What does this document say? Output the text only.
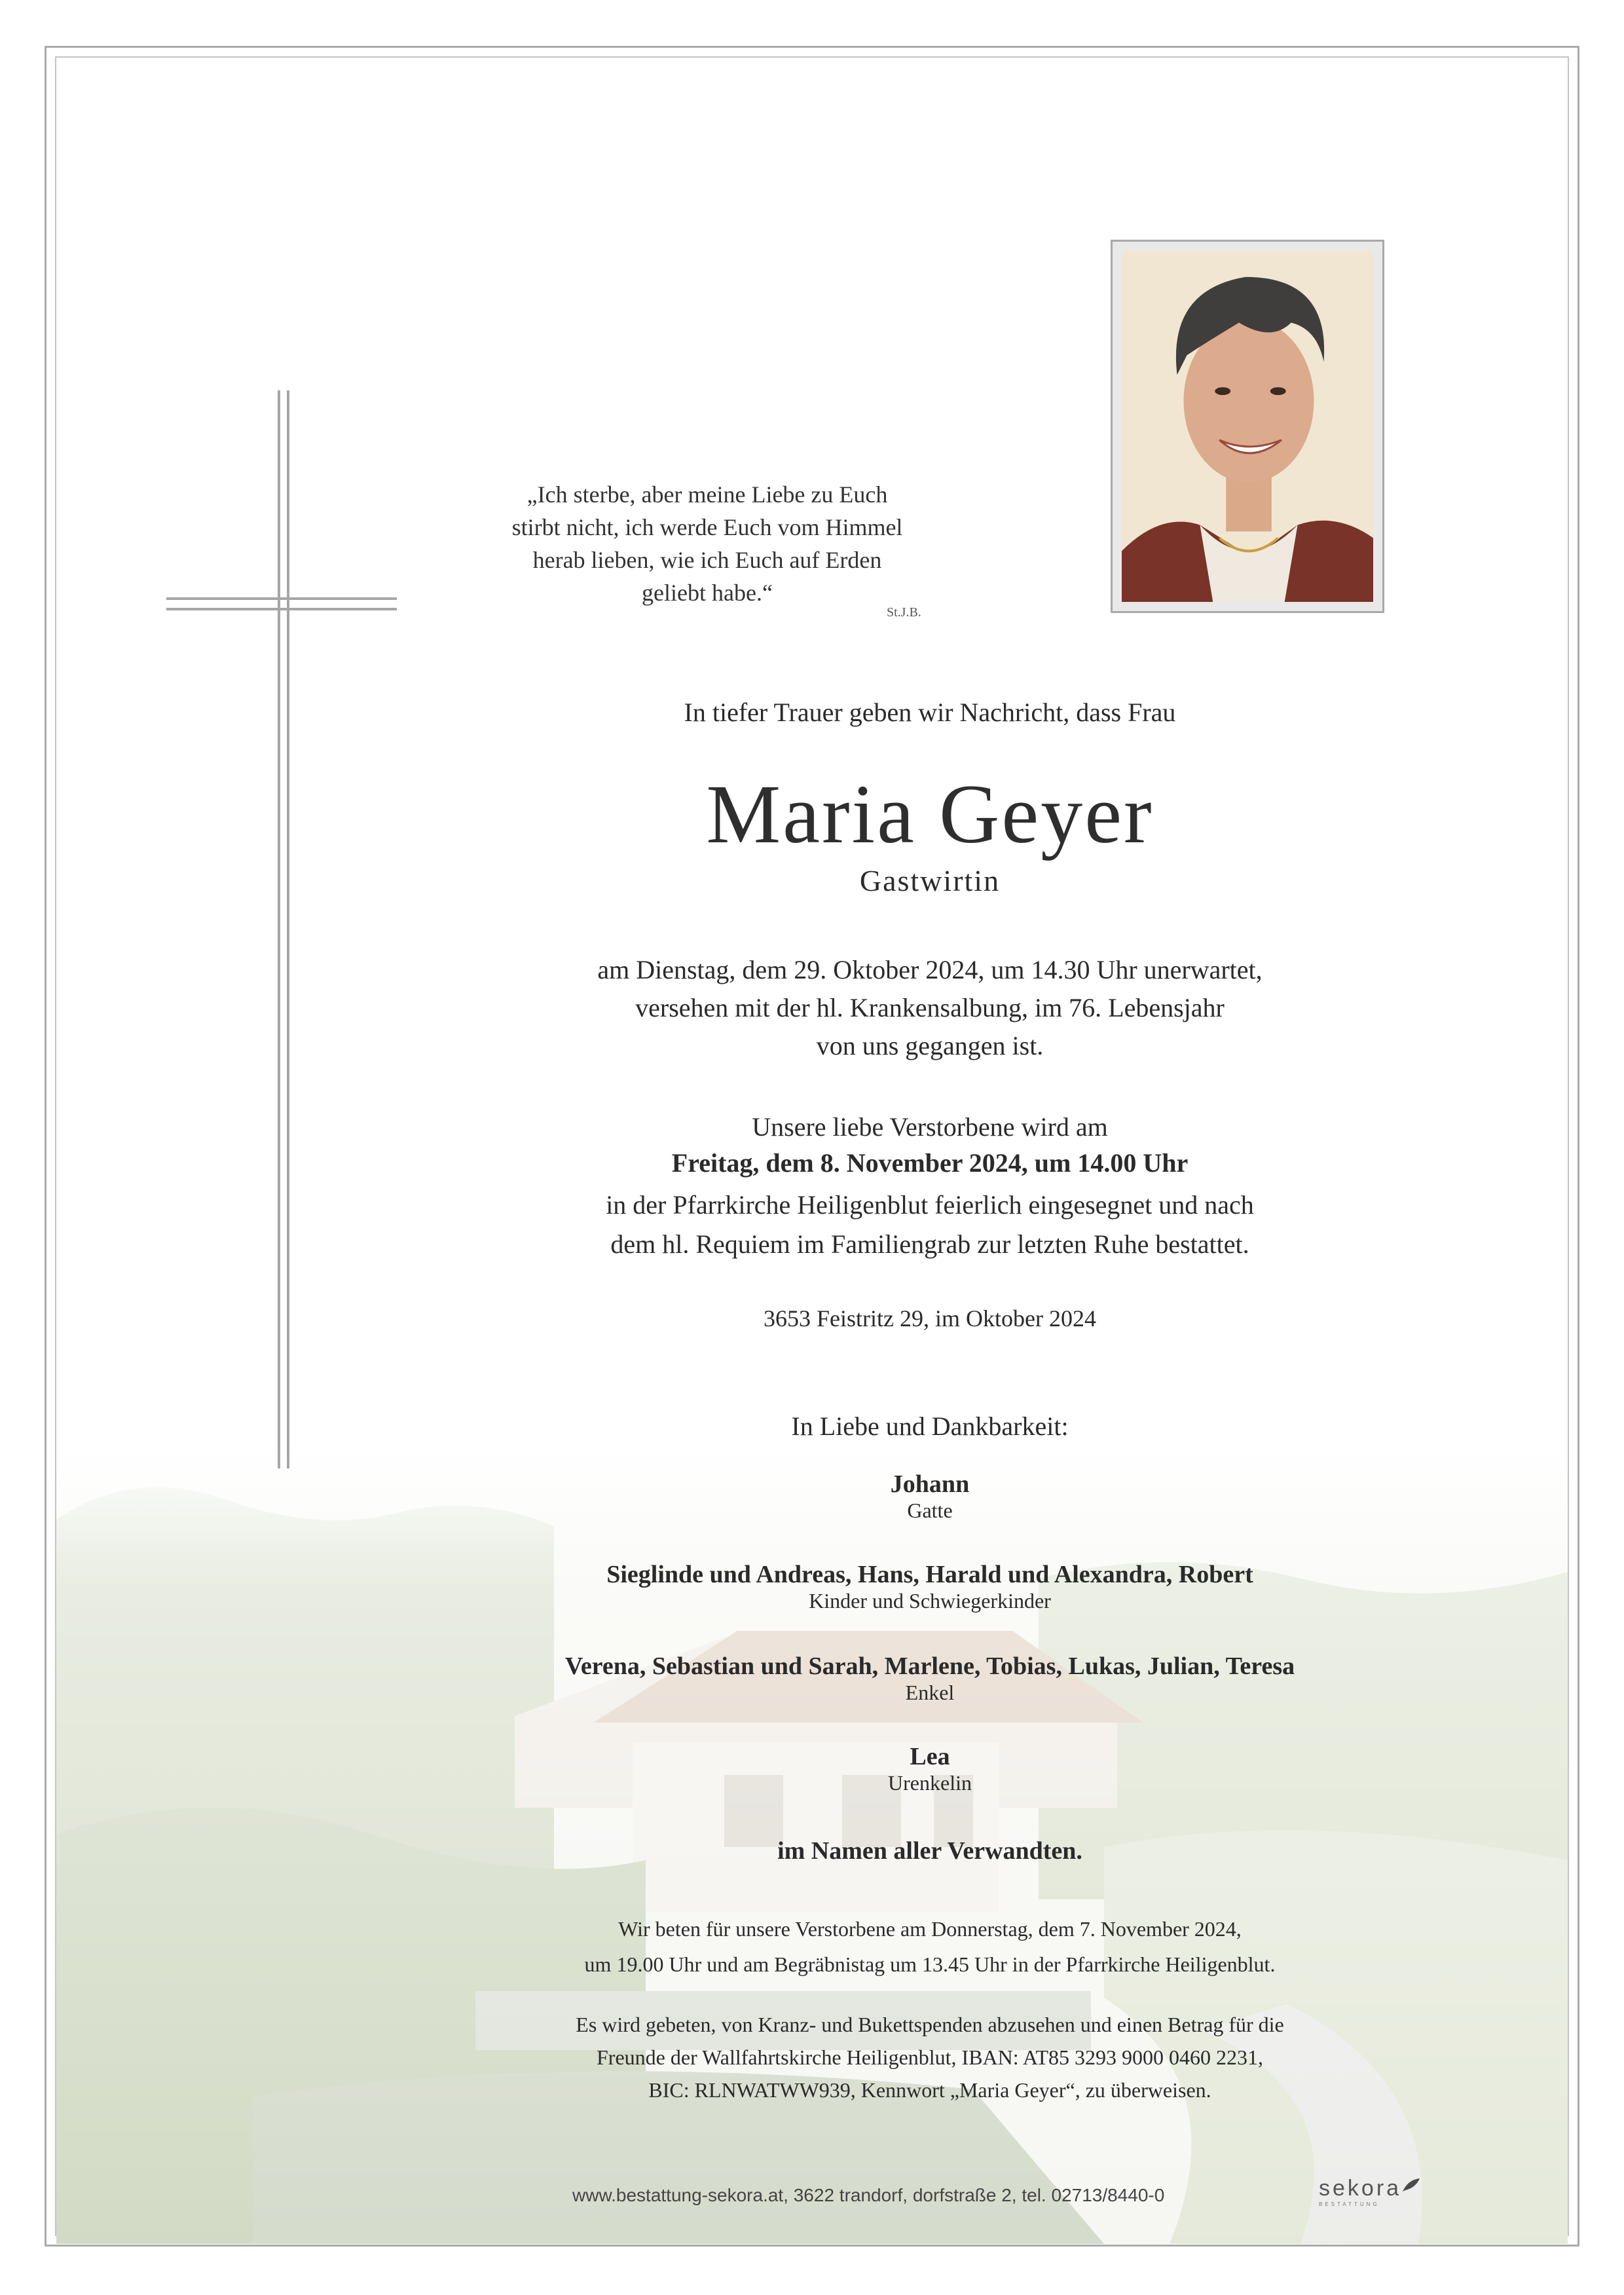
„Ich sterbe, aber meine Liebe zu Euch
stirbt nicht, ich werde Euch vom Himmel
herab lieben, wie ich Euch auf Erden
geliebt habe.“
St.J.B.
In tiefer Trauer geben wir Nachricht, dass Frau
Maria Geyer
Gastwirtin
am Dienstag, dem 29. Oktober 2024, um 14.30 Uhr unerwartet,
versehen mit der hl. Krankensalbung, im 76. Lebensjahr
von uns gegangen ist.
Unsere liebe Verstorbene wird am
Freitag, dem 8. November 2024, um 14.00 Uhr
in der Pfarrkirche Heiligenblut feierlich eingesegnet und nach
dem hl. Requiem im Familiengrab zur letzten Ruhe bestattet.
3653 Feistritz 29, im Oktober 2024
In Liebe und Dankbarkeit:
Johann
Gatte
Sieglinde und Andreas, Hans, Harald und Alexandra, Robert
Kinder und Schwiegerkinder
Verena, Sebastian und Sarah, Marlene, Tobias, Lukas, Julian, Teresa
Enkel
Lea
Urenkelin
im Namen aller Verwandten.
Wir beten für unsere Verstorbene am Donnerstag, dem 7. November 2024,
um 19.00 Uhr und am Begräbnistag um 13.45 Uhr in der Pfarrkirche Heiligenblut.
Es wird gebeten, von Kranz- und Bukettspenden abzusehen und einen Betrag für die
Freunde der Wallfahrtskirche Heiligenblut, IBAN: AT85 3293 9000 0460 2231,
BIC: RLNWATWW939, Kennwort „Maria Geyer“, zu überweisen.
www.bestattung-sekora.at, 3622 trandorf, dorfstraße 2, tel. 02713/8440-0	sekora
BESTATTUNG
